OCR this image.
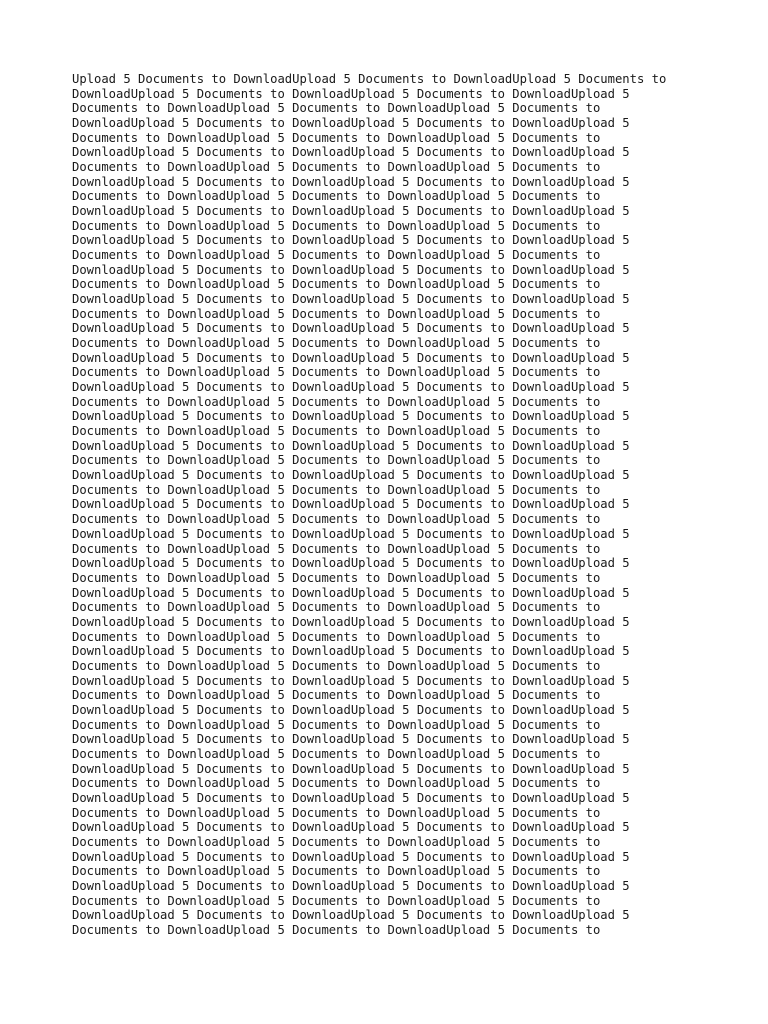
Upload 5 Documents to DownloadUpload 5 Documents to DownloadUpload 5 Documents to
DownloadUpload 5 Documents to DownloadUpload 5 Documents to DownloadUpload 5
Documents to DownloadUpload 5 Documents to DownloadUpload 5 Documents to
DownloadUpload 5 Documents to DownloadUpload 5 Documents to DownloadUpload 5
Documents to DownloadUpload 5 Documents to DownloadUpload 5 Documents to
DownloadUpload 5 Documents to DownloadUpload 5 Documents to DownloadUpload 5
Documents to DownloadUpload 5 Documents to DownloadUpload 5 Documents to
DownloadUpload 5 Documents to DownloadUpload 5 Documents to DownloadUpload 5
Documents to DownloadUpload 5 Documents to DownloadUpload 5 Documents to
DownloadUpload 5 Documents to DownloadUpload 5 Documents to DownloadUpload 5
Documents to DownloadUpload 5 Documents to DownloadUpload 5 Documents to
DownloadUpload 5 Documents to DownloadUpload 5 Documents to DownloadUpload 5
Documents to DownloadUpload 5 Documents to DownloadUpload 5 Documents to
DownloadUpload 5 Documents to DownloadUpload 5 Documents to DownloadUpload 5
Documents to DownloadUpload 5 Documents to DownloadUpload 5 Documents to
DownloadUpload 5 Documents to DownloadUpload 5 Documents to DownloadUpload 5
Documents to DownloadUpload 5 Documents to DownloadUpload 5 Documents to
DownloadUpload 5 Documents to DownloadUpload 5 Documents to DownloadUpload 5
Documents to DownloadUpload 5 Documents to DownloadUpload 5 Documents to
DownloadUpload 5 Documents to DownloadUpload 5 Documents to DownloadUpload 5
Documents to DownloadUpload 5 Documents to DownloadUpload 5 Documents to
DownloadUpload 5 Documents to DownloadUpload 5 Documents to DownloadUpload 5
Documents to DownloadUpload 5 Documents to DownloadUpload 5 Documents to
DownloadUpload 5 Documents to DownloadUpload 5 Documents to DownloadUpload 5
Documents to DownloadUpload 5 Documents to DownloadUpload 5 Documents to
DownloadUpload 5 Documents to DownloadUpload 5 Documents to DownloadUpload 5
Documents to DownloadUpload 5 Documents to DownloadUpload 5 Documents to
DownloadUpload 5 Documents to DownloadUpload 5 Documents to DownloadUpload 5
Documents to DownloadUpload 5 Documents to DownloadUpload 5 Documents to
DownloadUpload 5 Documents to DownloadUpload 5 Documents to DownloadUpload 5
Documents to DownloadUpload 5 Documents to DownloadUpload 5 Documents to
DownloadUpload 5 Documents to DownloadUpload 5 Documents to DownloadUpload 5
Documents to DownloadUpload 5 Documents to DownloadUpload 5 Documents to
DownloadUpload 5 Documents to DownloadUpload 5 Documents to DownloadUpload 5
Documents to DownloadUpload 5 Documents to DownloadUpload 5 Documents to
DownloadUpload 5 Documents to DownloadUpload 5 Documents to DownloadUpload 5
Documents to DownloadUpload 5 Documents to DownloadUpload 5 Documents to
DownloadUpload 5 Documents to DownloadUpload 5 Documents to DownloadUpload 5
Documents to DownloadUpload 5 Documents to DownloadUpload 5 Documents to
DownloadUpload 5 Documents to DownloadUpload 5 Documents to DownloadUpload 5
Documents to DownloadUpload 5 Documents to DownloadUpload 5 Documents to
DownloadUpload 5 Documents to DownloadUpload 5 Documents to DownloadUpload 5
Documents to DownloadUpload 5 Documents to DownloadUpload 5 Documents to
DownloadUpload 5 Documents to DownloadUpload 5 Documents to DownloadUpload 5
Documents to DownloadUpload 5 Documents to DownloadUpload 5 Documents to
DownloadUpload 5 Documents to DownloadUpload 5 Documents to DownloadUpload 5
Documents to DownloadUpload 5 Documents to DownloadUpload 5 Documents to
DownloadUpload 5 Documents to DownloadUpload 5 Documents to DownloadUpload 5
Documents to DownloadUpload 5 Documents to DownloadUpload 5 Documents to
DownloadUpload 5 Documents to DownloadUpload 5 Documents to DownloadUpload 5
Documents to DownloadUpload 5 Documents to DownloadUpload 5 Documents to
DownloadUpload 5 Documents to DownloadUpload 5 Documents to DownloadUpload 5
Documents to DownloadUpload 5 Documents to DownloadUpload 5 Documents to
DownloadUpload 5 Documents to DownloadUpload 5 Documents to DownloadUpload 5
Documents to DownloadUpload 5 Documents to DownloadUpload 5 Documents to
DownloadUpload 5 Documents to DownloadUpload 5 Documents to DownloadUpload 5
Documents to DownloadUpload 5 Documents to DownloadUpload 5 Documents to
DownloadUpload 5 Documents to DownloadUpload 5 Documents to DownloadUpload 5
Documents to DownloadUpload 5 Documents to DownloadUpload 5 Documents to
